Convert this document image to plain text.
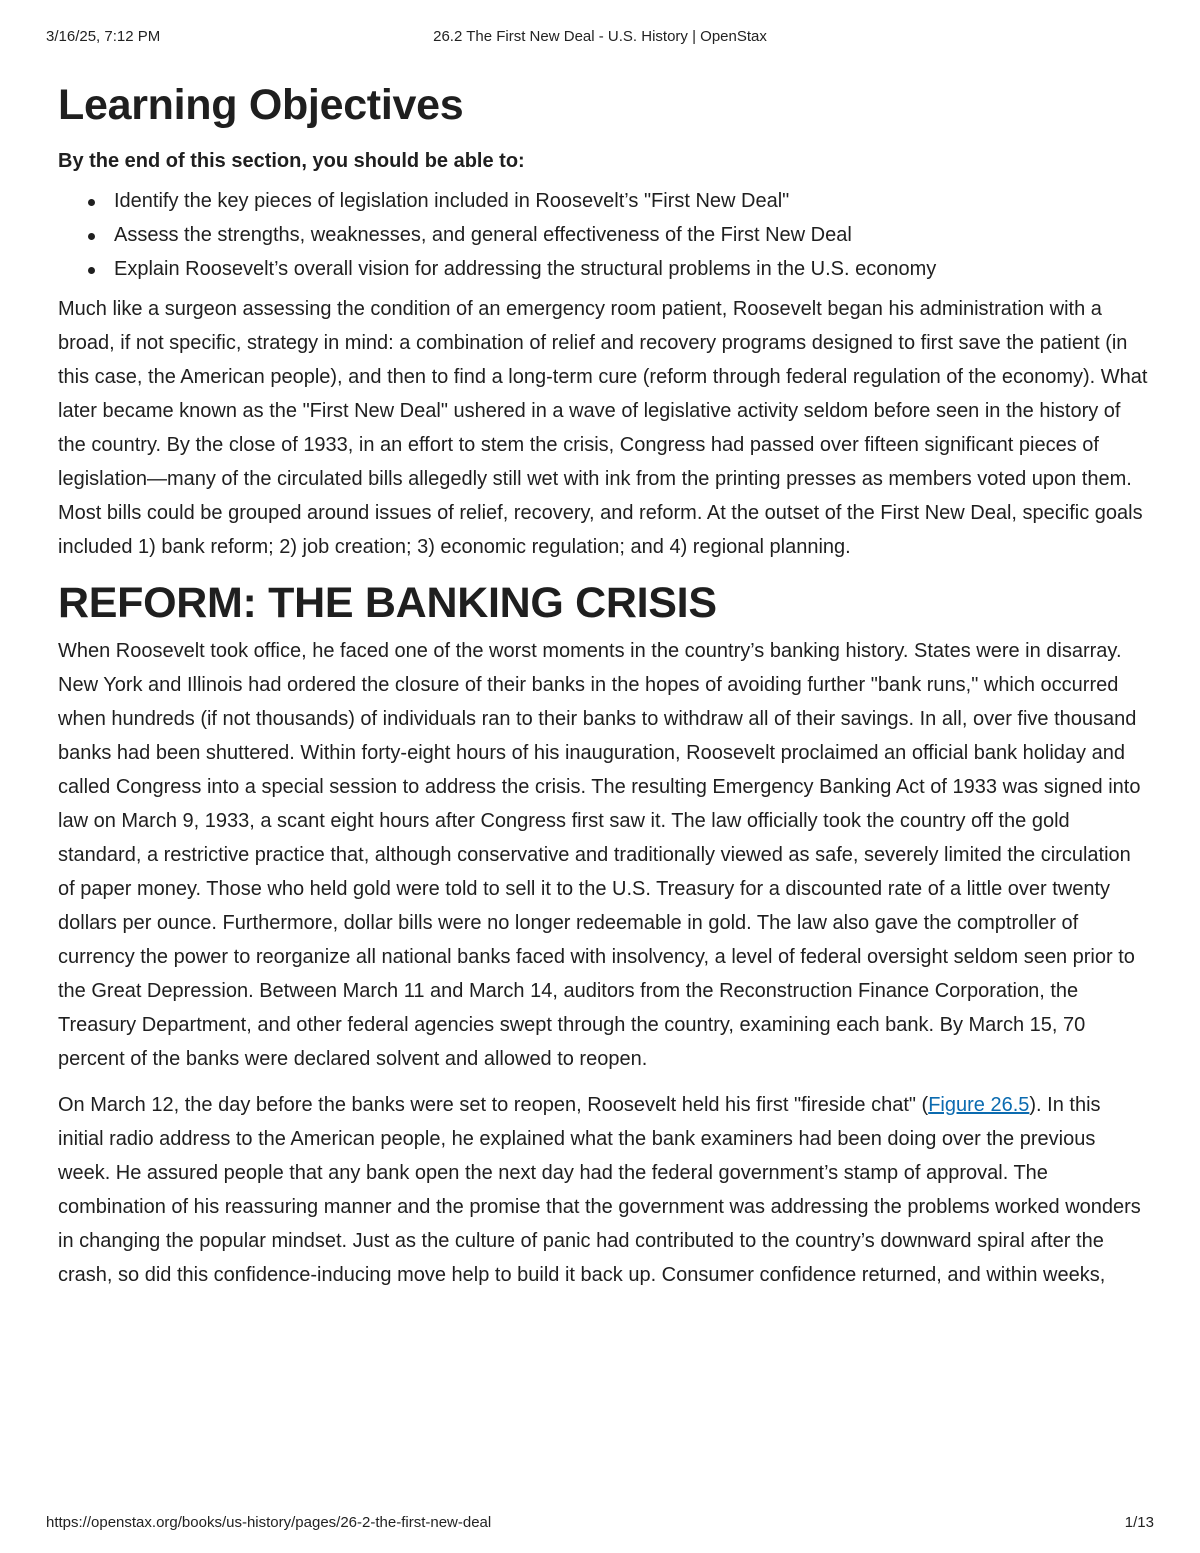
3/16/25, 7:12 PM	26.2 The First New Deal - U.S. History | OpenStax
Learning Objectives

By the end of this section, you should be able to:

Identify the key pieces of legislation included in Roosevelt’s "First New Deal"
Assess the strengths, weaknesses, and general effectiveness of the First New Deal
Explain Roosevelt’s overall vision for addressing the structural problems in the U.S. economy

Much like a surgeon assessing the condition of an emergency room patient, Roosevelt began his administration with a broad, if not specific, strategy in mind: a combination of relief and recovery programs designed to first save the patient (in this case, the American people), and then to find a long-term cure (reform through federal regulation of the economy). What later became known as the "First New Deal" ushered in a wave of legislative activity seldom before seen in the history of the country. By the close of 1933, in an effort to stem the crisis, Congress had passed over fifteen significant pieces of legislation—many of the circulated bills allegedly still wet with ink from the printing presses as members voted upon them. Most bills could be grouped around issues of relief, recovery, and reform. At the outset of the First New Deal, specific goals included 1) bank reform; 2) job creation; 3) economic regulation; and 4) regional planning.

REFORM: THE BANKING CRISIS

When Roosevelt took office, he faced one of the worst moments in the country’s banking history. States were in disarray. New York and Illinois had ordered the closure of their banks in the hopes of avoiding further "bank runs," which occurred when hundreds (if not thousands) of individuals ran to their banks to withdraw all of their savings. In all, over five thousand banks had been shuttered. Within forty-eight hours of his inauguration, Roosevelt proclaimed an official bank holiday and called Congress into a special session to address the crisis. The resulting Emergency Banking Act of 1933 was signed into law on March 9, 1933, a scant eight hours after Congress first saw it. The law officially took the country off the gold standard, a restrictive practice that, although conservative and traditionally viewed as safe, severely limited the circulation of paper money. Those who held gold were told to sell it to the U.S. Treasury for a discounted rate of a little over twenty dollars per ounce. Furthermore, dollar bills were no longer redeemable in gold. The law also gave the comptroller of currency the power to reorganize all national banks faced with insolvency, a level of federal oversight seldom seen prior to the Great Depression. Between March 11 and March 14, auditors from the Reconstruction Finance Corporation, the Treasury Department, and other federal agencies swept through the country, examining each bank. By March 15, 70 percent of the banks were declared solvent and allowed to reopen.

On March 12, the day before the banks were set to reopen, Roosevelt held his first "fireside chat" (Figure 26.5). In this initial radio address to the American people, he explained what the bank examiners had been doing over the previous week. He assured people that any bank open the next day had the federal government’s stamp of approval. The combination of his reassuring manner and the promise that the government was addressing the problems worked wonders in changing the popular mindset. Just as the culture of panic had contributed to the country’s downward spiral after the crash, so did this confidence-inducing move help to build it back up. Consumer confidence returned, and within weeks,

https://openstax.org/books/us-history/pages/26-2-the-first-new-deal	1/13
